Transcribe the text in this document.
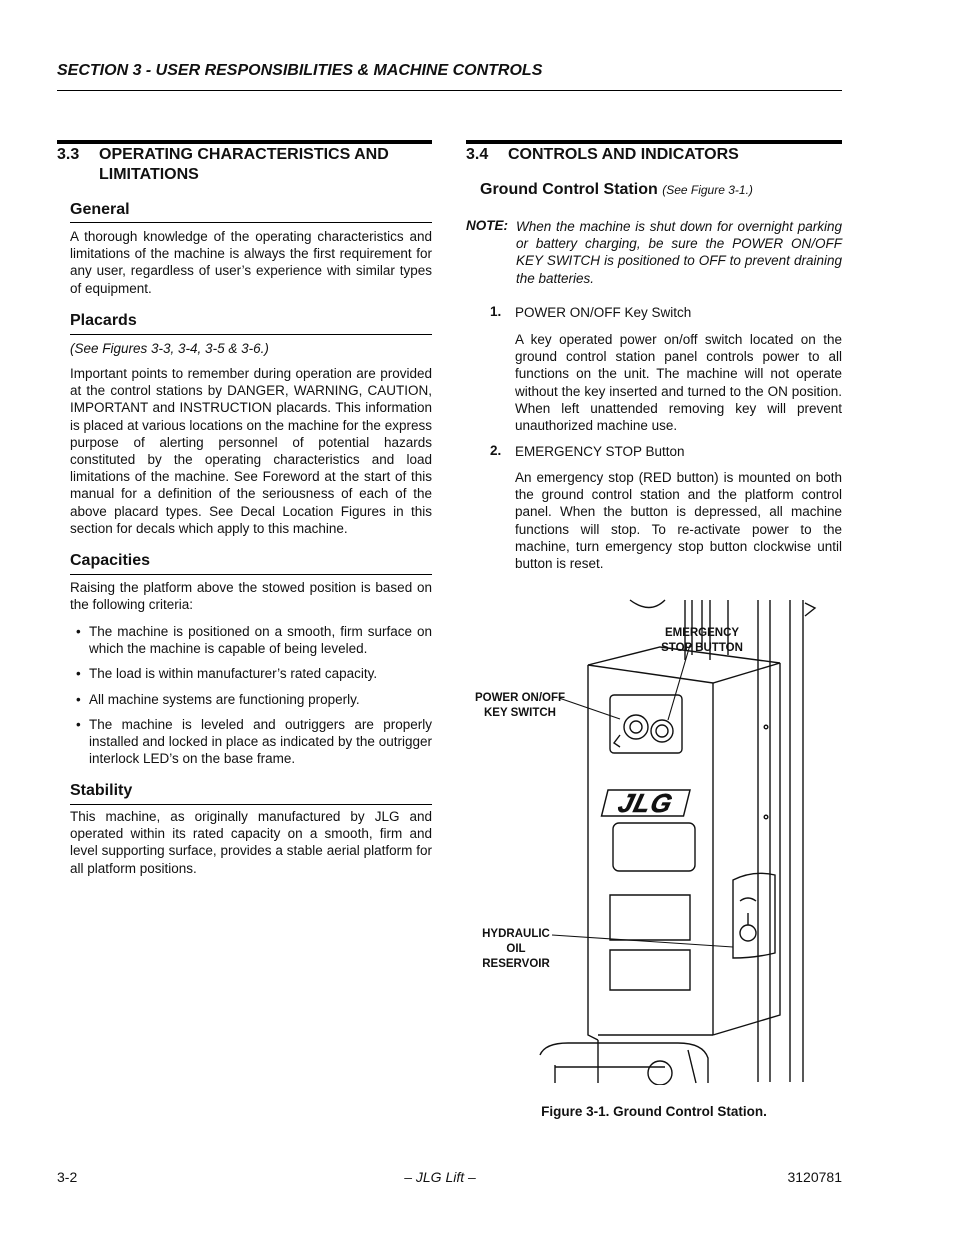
SECTION 3 - USER RESPONSIBILITIES & MACHINE CONTROLS
3.3 OPERATING CHARACTERISTICS AND
LIMITATIONS
General

A thorough knowledge of the operating characteristics and limitations of the machine is always the first requirement for any user, regardless of user’s experience with similar types of equipment.

Placards

(See Figures 3-3, 3-4, 3-5 & 3-6.)

Important points to remember during operation are provided at the control stations by DANGER, WARNING, CAUTION, IMPORTANT and INSTRUCTION placards. This information is placed at various locations on the machine for the express purpose of alerting personnel of potential hazards constituted by the operating characteristics and load limitations of the machine. See Foreword at the start of this manual for a definition of the seriousness of each of the above placard types. See Decal Location Figures in this section for decals which apply to this machine.

Capacities

Raising the platform above the stowed position is based on the following criteria:

• The machine is positioned on a smooth, firm surface on which the machine is capable of being leveled.
• The load is within manufacturer’s rated capacity.
• All machine systems are functioning properly.
• The machine is leveled and outriggers are properly installed and locked in place as indicated by the outrigger interlock LED’s on the base frame.
Stability

This machine, as originally manufactured by JLG and operated within its rated capacity on a smooth, firm and level supporting surface, provides a stable aerial platform for all platform positions.

3.4 CONTROLS AND INDICATORS
Ground Control Station (See Figure 3-1.)
NOTE: When the machine is shut down for overnight parking or battery charging, be sure the POWER ON/OFF KEY SWITCH is positioned to OFF to prevent draining the batteries.
1. POWER ON/OFF Key Switch

A key operated power on/off switch located on the ground control station panel controls power to all functions on the unit. The machine will not operate without the key inserted and turned to the ON position. When left unattended removing key will prevent unauthorized machine use.

2. EMERGENCY STOP Button

An emergency stop (RED button) is mounted on both the ground control station and the platform control panel. When the button is depressed, all machine functions will stop. To re-activate power to the machine, turn emergency stop button clockwise until button is reset.

JLG
EMERGENCY
STOP BUTTON
POWER ON/OFF
KEY SWITCH
HYDRAULIC
OIL
RESERVOIR
Figure 3-1. Ground Control Station.
3-2	– JLG Lift –	3120781
